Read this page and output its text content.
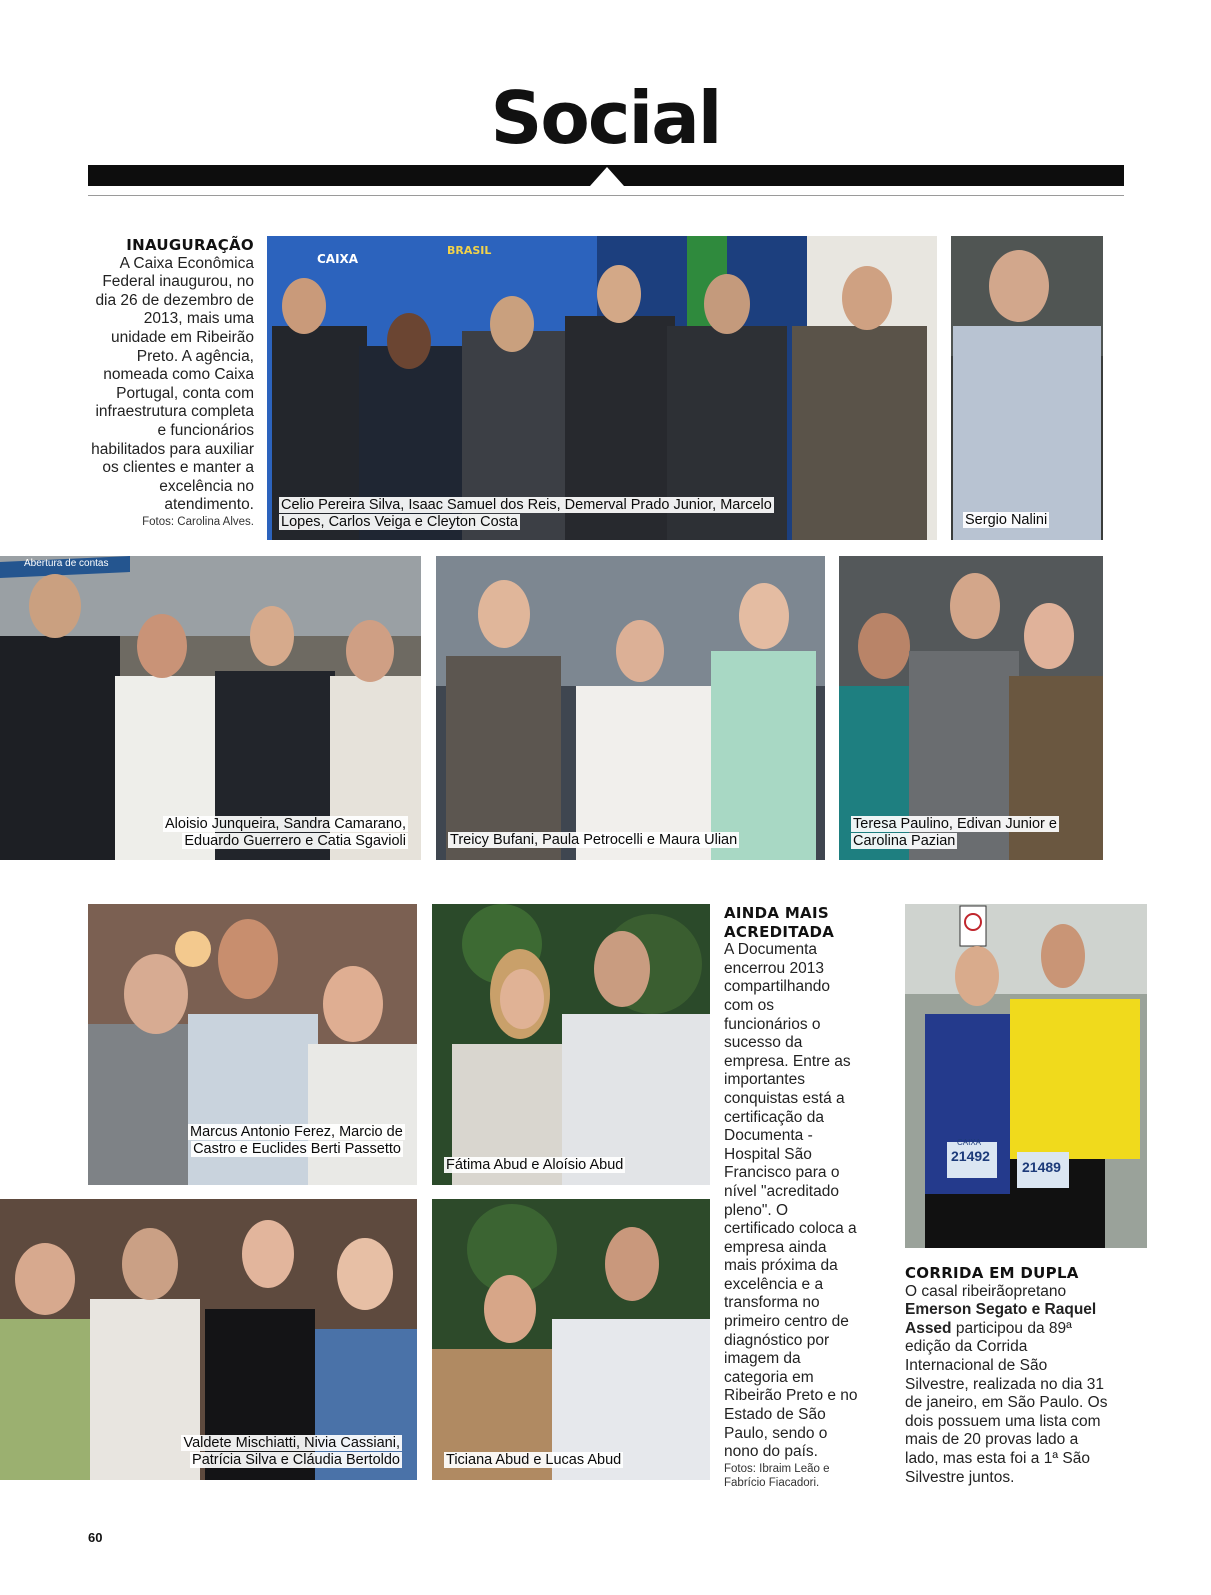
Social
INAUGURAÇÃO
A Caixa Econômica Federal inaugurou, no dia 26 de dezembro de 2013, mais uma unidade em Ribeirão Preto. A agência, nomeada como Caixa Portugal, conta com infraestrutura completa e funcionários habilitados para auxiliar os clientes e manter a excelência no atendimento.
Fotos: Carolina Alves.
CAIXA
BRASIL
Celio Pereira Silva, Isaac Samuel dos Reis, Demerval Prado Junior, Marcelo Lopes, Carlos Veiga e Cleyton Costa	Sergio Nalini
Abertura de contas
Aloisio Junqueira, Sandra Camarano, Eduardo Guerrero e Catia Sgavioli	Treicy Bufani, Paula Petrocelli e Maura Ulian
Teresa Paulino, Edivan Junior e Carolina Pazian
Marcus Antonio Ferez, Marcio de Castro e Euclides Berti Passetto
Fátima Abud e Aloísio Abud
Valdete Mischiatti, Nivia Cassiani, Patrícia Silva e Cláudia Bertoldo	Ticiana Abud e Lucas Abud
AINDA MAIS
ACREDITADA
A Documenta encerrou 2013 compartilhando com os funcionários o sucesso da empresa. Entre as importantes conquistas está a certificação da Documenta - Hospital São Francisco para o nível "acreditado pleno". O certificado coloca a empresa ainda mais próxima da excelência e a transforma no primeiro centro de diagnóstico por imagem da categoria em Ribeirão Preto e no Estado de São Paulo, sendo o nono do país.
Fotos: Ibraim Leão e Fabrício Fiacadori.
21492
21489
CAIXA
CORRIDA EM DUPLA
O casal ribeirãopretano Emerson Segato e Raquel Assed participou da 89ª edição da Corrida Internacional de São Silvestre, realizada no dia 31 de janeiro, em São Paulo. Os dois possuem uma lista com mais de 20 provas lado a lado, mas esta foi a 1ª São Silvestre juntos.
60
